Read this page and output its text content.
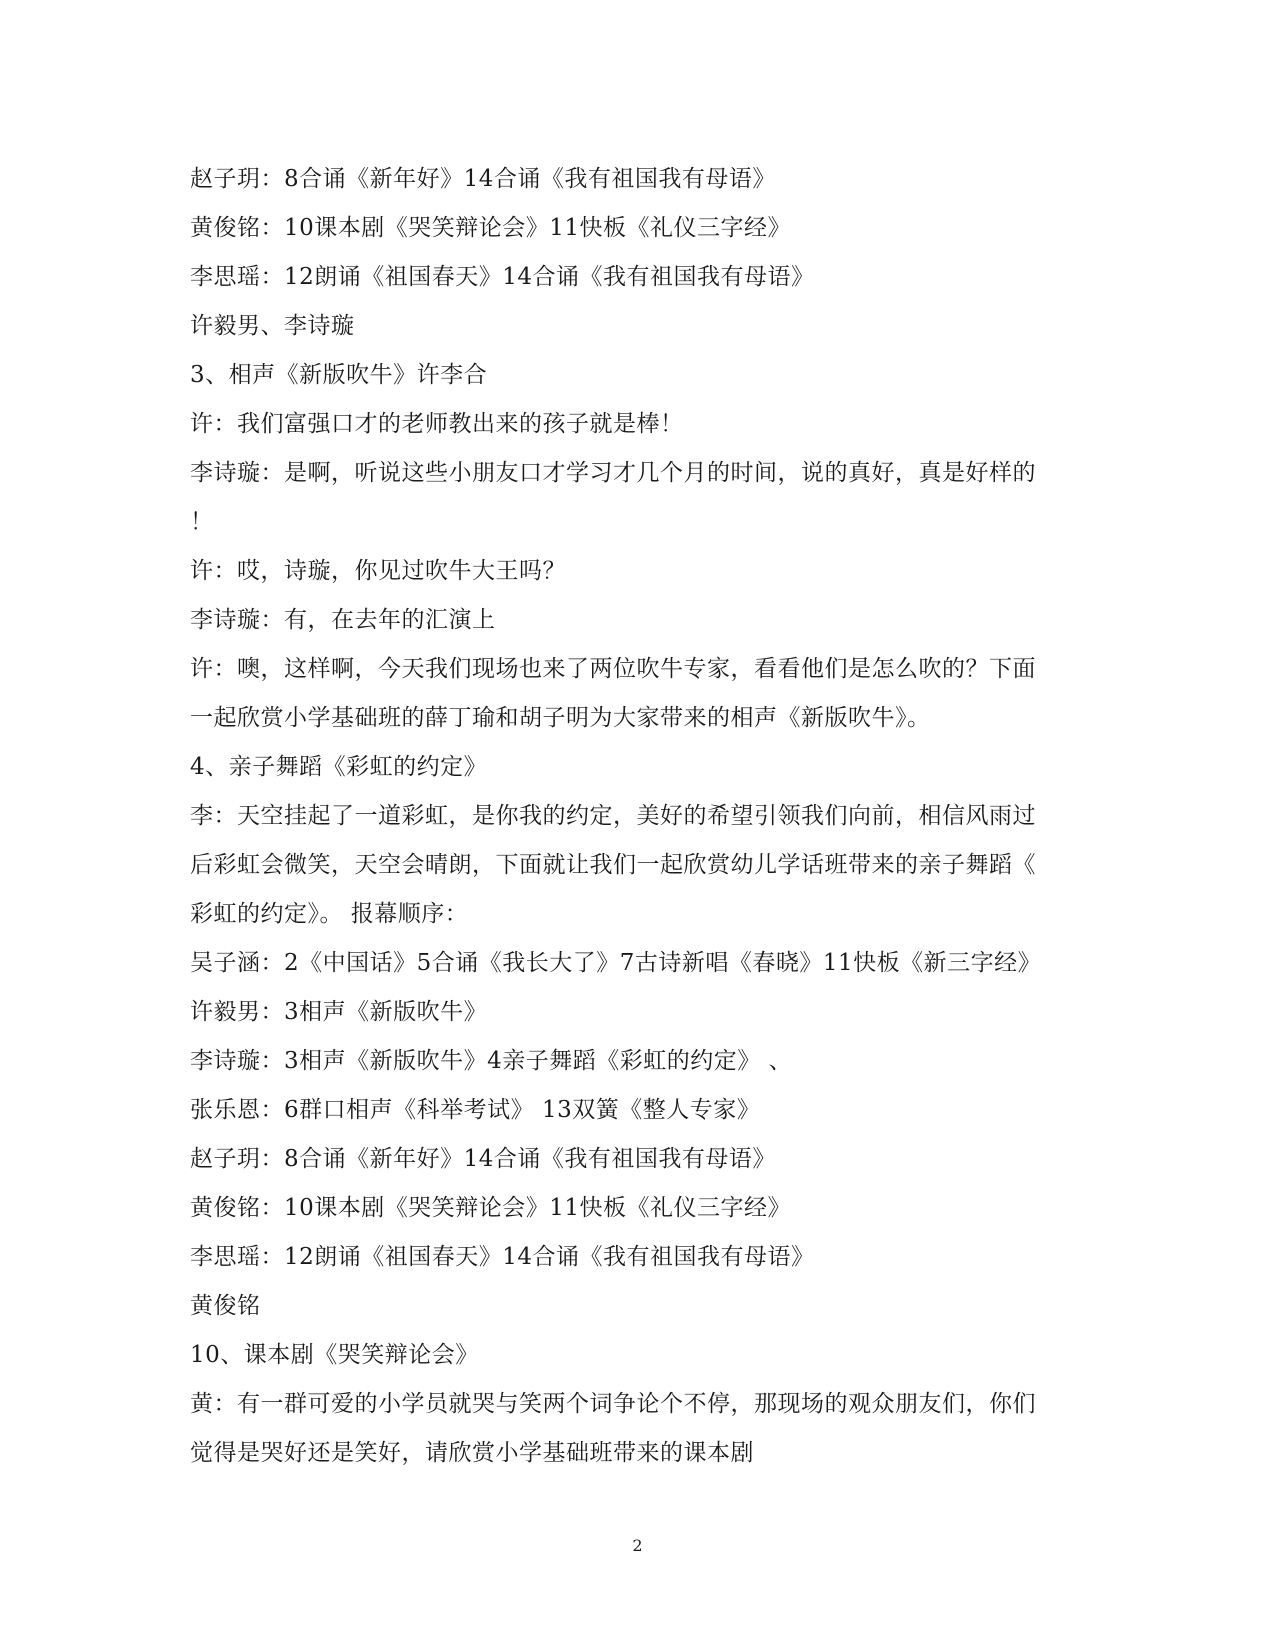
赵子玥：8合诵《新年好》14合诵《我有祖国我有母语》
黄俊铭：10课本剧《哭笑辩论会》11快板《礼仪三字经》
李思瑶：12朗诵《祖国春天》14合诵《我有祖国我有母语》
许毅男、李诗璇
3、相声《新版吹牛》许李合
许：我们富强口才的老师教出来的孩子就是棒！
李诗璇：是啊，听说这些小朋友口才学习才几个月的时间，说的真好，真是好样的
！
许：哎，诗璇，你见过吹牛大王吗？
李诗璇：有，在去年的汇演上
许：噢，这样啊，今天我们现场也来了两位吹牛专家，看看他们是怎么吹的？下面
一起欣赏小学基础班的薛丁瑜和胡子明为大家带来的相声《新版吹牛》。
4、亲子舞蹈《彩虹的约定》
李：天空挂起了一道彩虹，是你我的约定，美好的希望引领我们向前，相信风雨过
后彩虹会微笑，天空会晴朗，下面就让我们一起欣赏幼儿学话班带来的亲子舞蹈《
彩虹的约定》。 报幕顺序：
吴子涵：2《中国话》5合诵《我长大了》7古诗新唱《春晓》11快板《新三字经》
许毅男：3相声《新版吹牛》
李诗璇：3相声《新版吹牛》4亲子舞蹈《彩虹的约定》 、
张乐恩：6群口相声《科举考试》 13双簧《整人专家》
赵子玥：8合诵《新年好》14合诵《我有祖国我有母语》
黄俊铭：10课本剧《哭笑辩论会》11快板《礼仪三字经》
李思瑶：12朗诵《祖国春天》14合诵《我有祖国我有母语》
黄俊铭
10、课本剧《哭笑辩论会》
黄：有一群可爱的小学员就哭与笑两个词争论个不停，那现场的观众朋友们，你们
觉得是哭好还是笑好，请欣赏小学基础班带来的课本剧
2
